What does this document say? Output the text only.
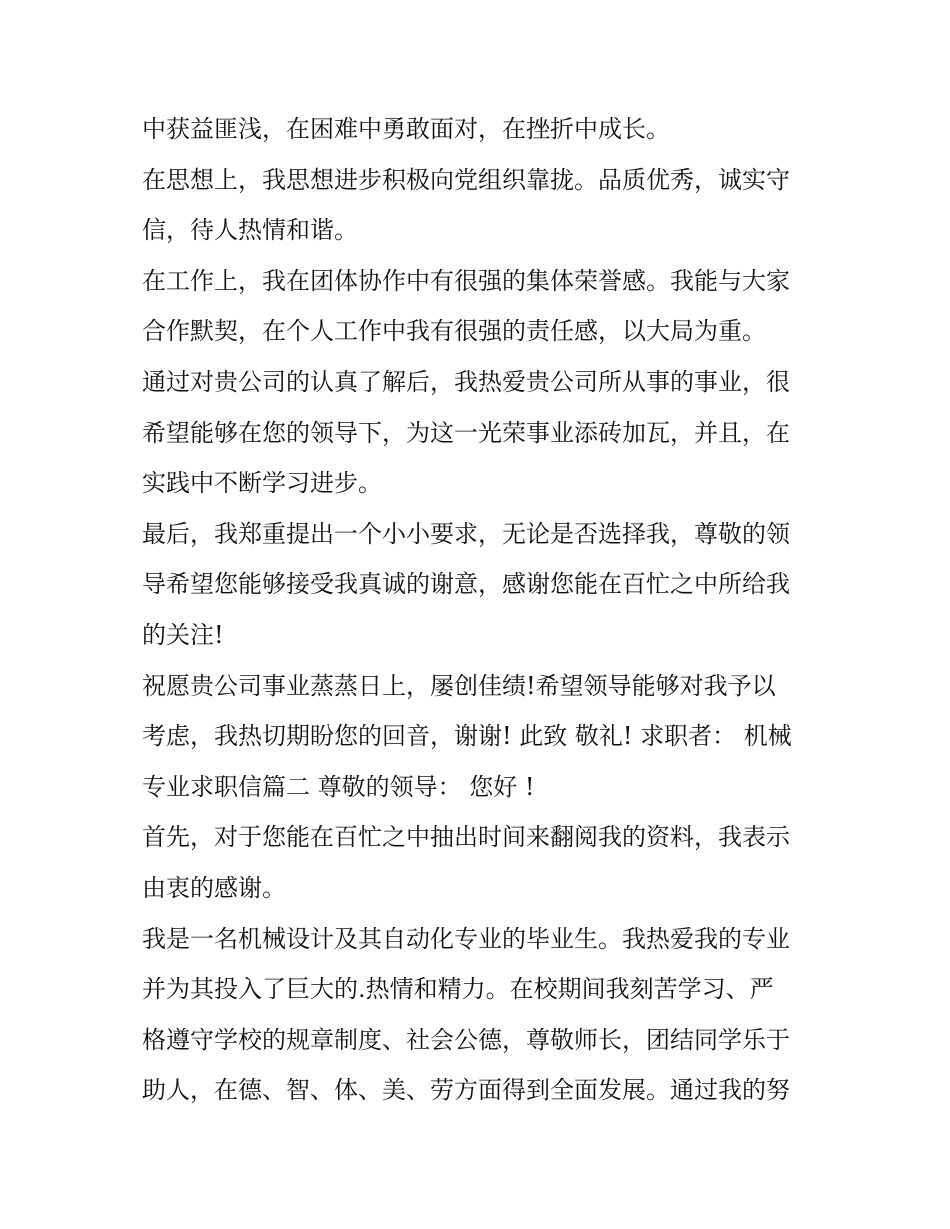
中获益匪浅，在困难中勇敢面对，在挫折中成长。
在思想上，我思想进步积极向党组织靠拢。品质优秀，诚实守
信，待人热情和谐。
在工作上，我在团体协作中有很强的集体荣誉感。我能与大家
合作默契，在个人工作中我有很强的责任感，以大局为重。
通过对贵公司的认真了解后，我热爱贵公司所从事的事业，很
希望能够在您的领导下，为这一光荣事业添砖加瓦，并且，在
实践中不断学习进步。
最后，我郑重提出一个小小要求，无论是否选择我，尊敬的领
导希望您能够接受我真诚的谢意，感谢您能在百忙之中所给我
的关注!
祝愿贵公司事业蒸蒸日上，屡创佳绩!希望领导能够对我予以
考虑，我热切期盼您的回音，谢谢! 此致 敬礼! 求职者： 机械
专业求职信篇二 尊敬的领导： 您好 !
首先，对于您能在百忙之中抽出时间来翻阅我的资料，我表示
由衷的感谢。
我是一名机械设计及其自动化专业的毕业生。我热爱我的专业
并为其投入了巨大的.热情和精力。在校期间我刻苦学习、严
格遵守学校的规章制度、社会公德，尊敬师长，团结同学乐于
助人，在德、智、体、美、劳方面得到全面发展。通过我的努
